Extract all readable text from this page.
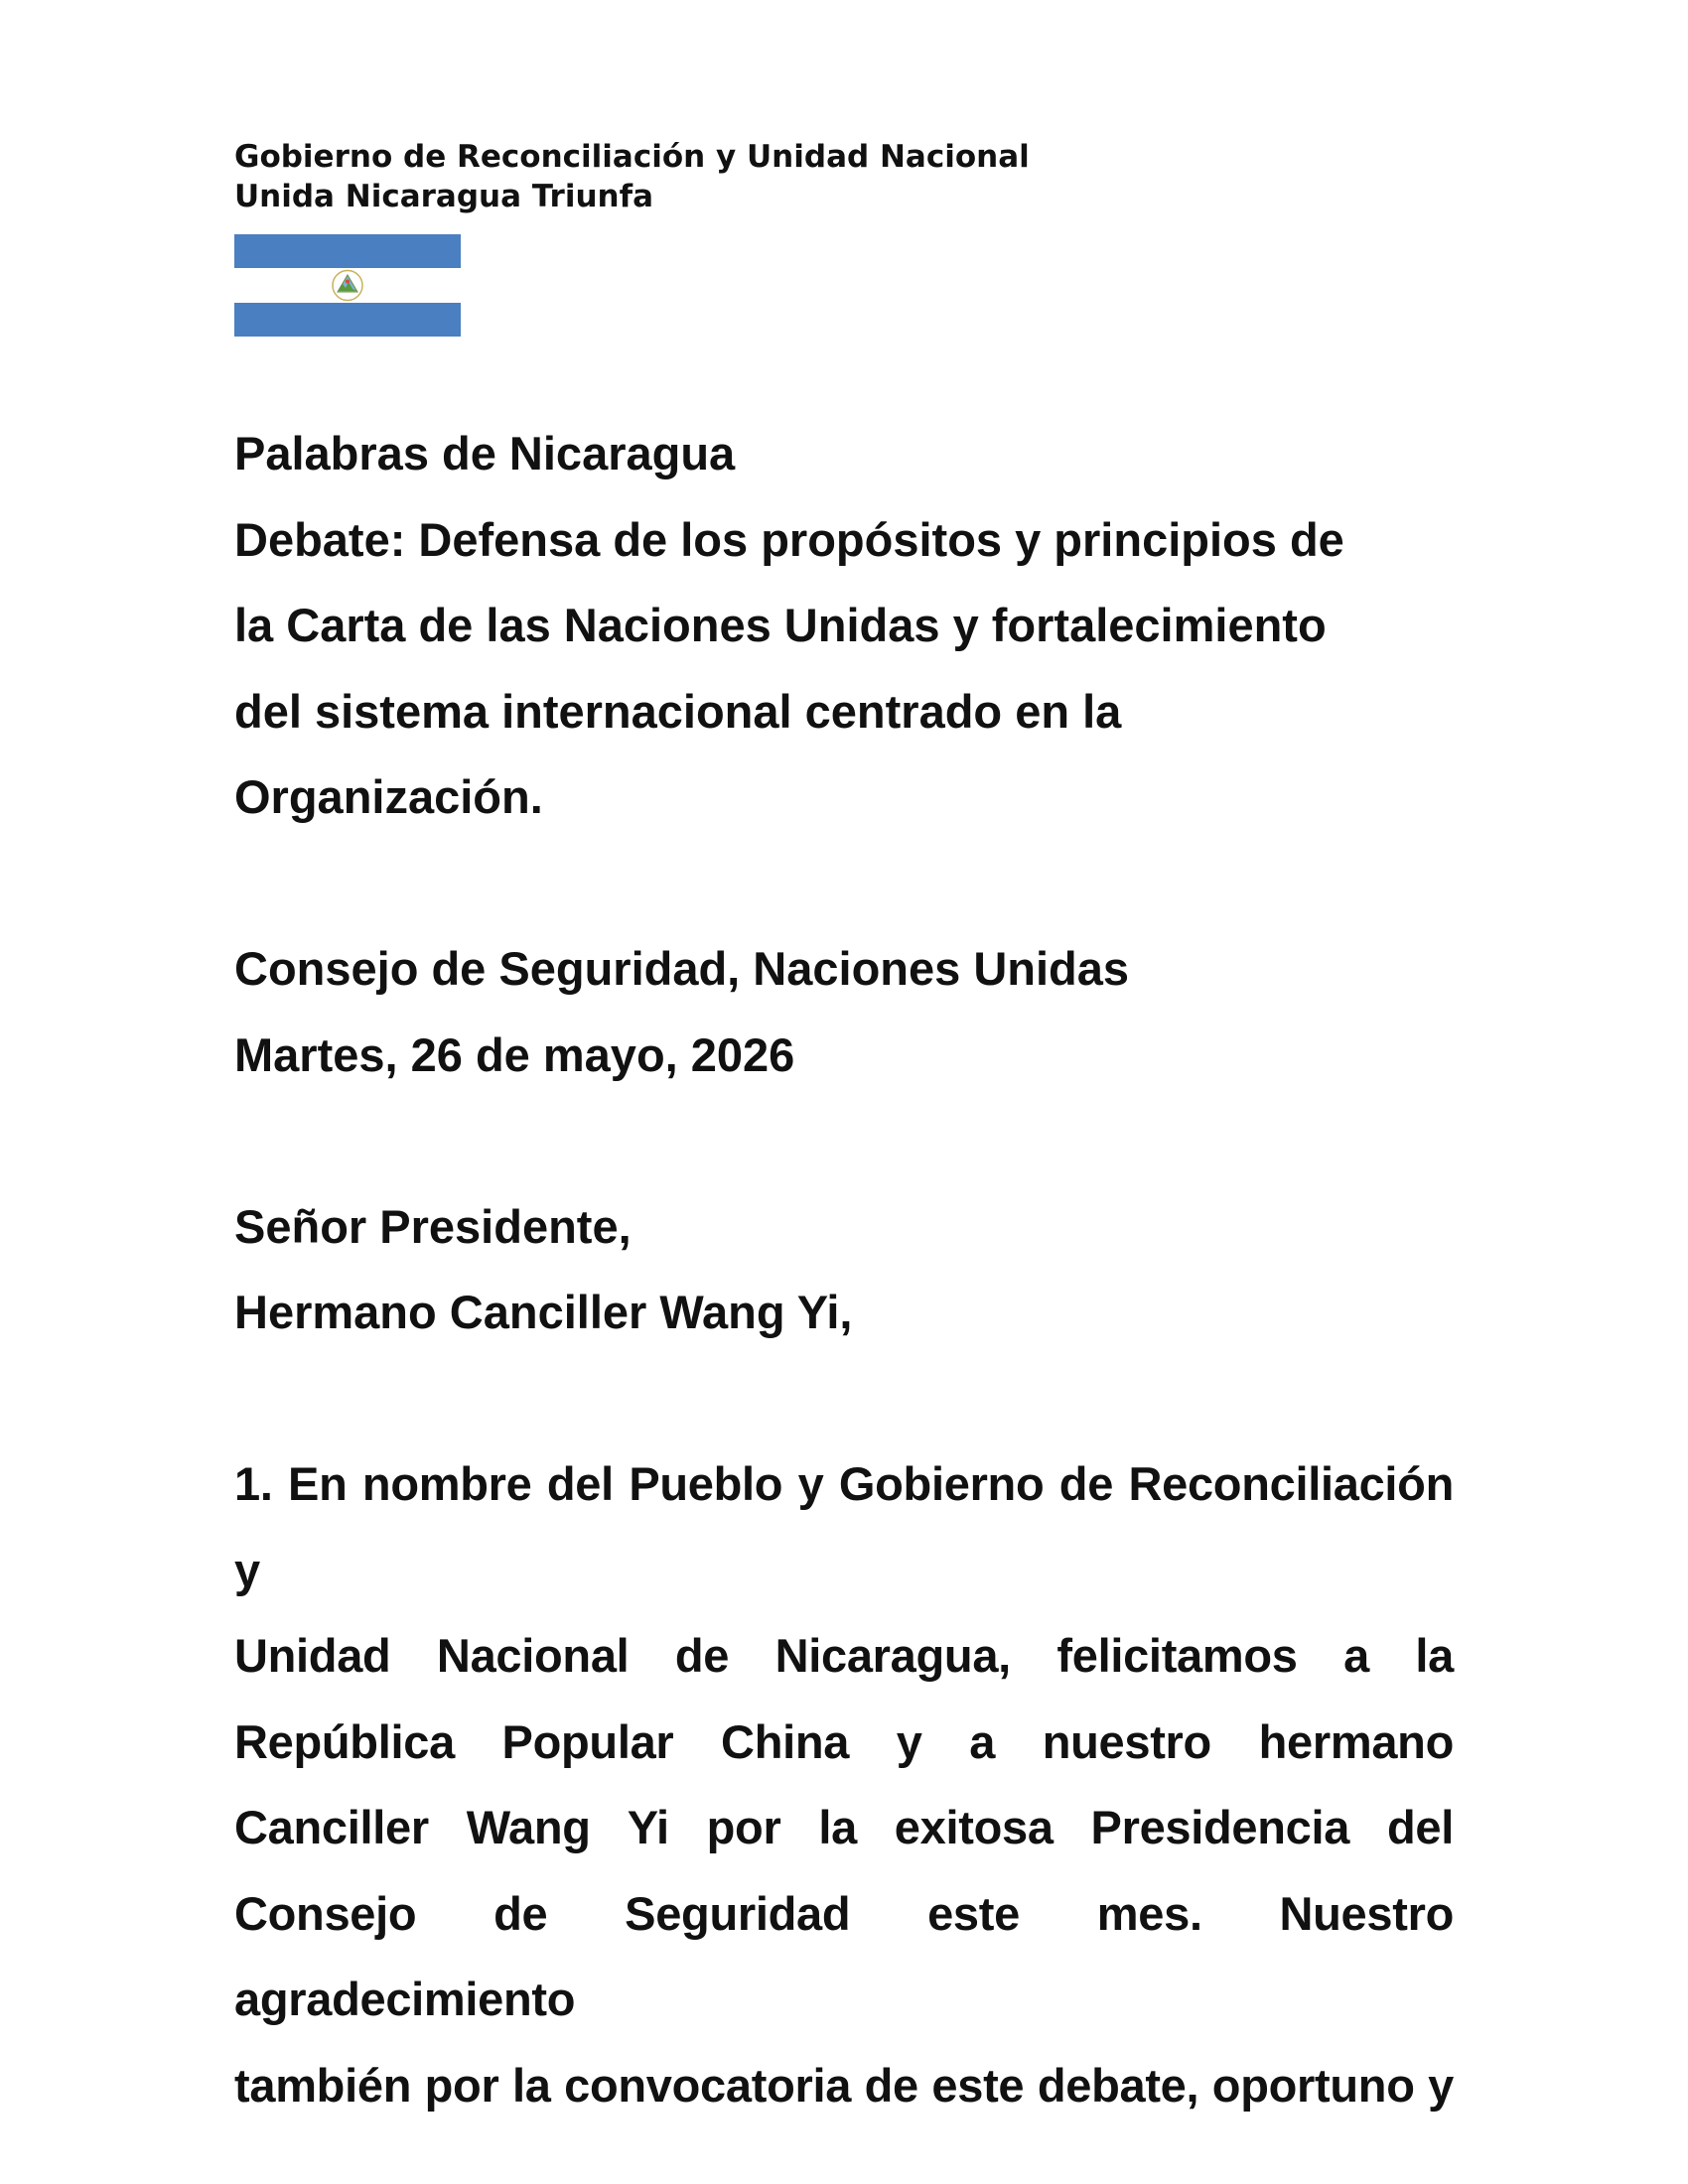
Gobierno de Reconciliación y Unidad Nacional
Unida Nicaragua Triunfa
Palabras de Nicaragua
Debate: Defensa de los propósitos y principios de
la Carta de las Naciones Unidas y fortalecimiento
del sistema internacional centrado en la
Organización.
Consejo de Seguridad, Naciones Unidas
Martes, 26 de mayo, 2026
Señor Presidente,
Hermano Canciller Wang Yi,
1. En nombre del Pueblo y Gobierno de Reconciliación y
Unidad Nacional de Nicaragua, felicitamos a la
República Popular China y a nuestro hermano
Canciller Wang Yi por la exitosa Presidencia del
Consejo de Seguridad este mes. Nuestro agradecimiento
también por la convocatoria de este debate, oportuno y
